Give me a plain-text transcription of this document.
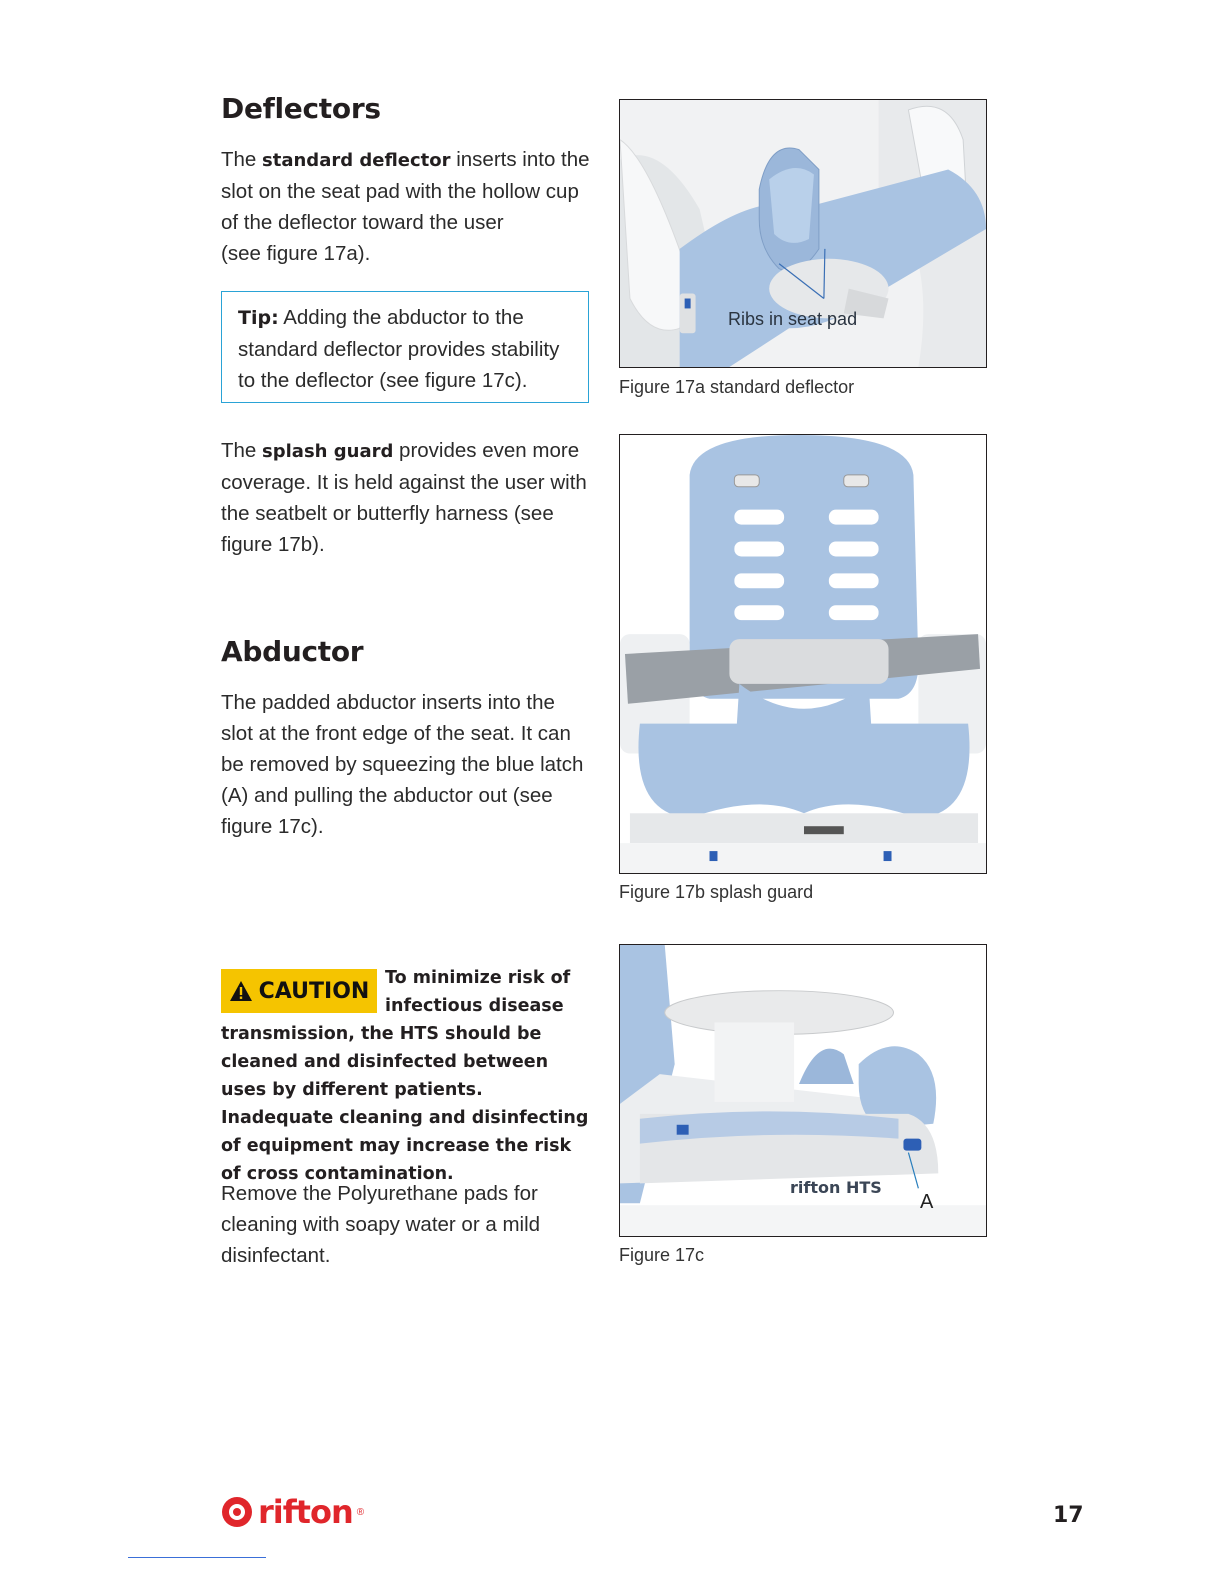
Deflectors
The standard deflector inserts into the slot on the seat pad with the hollow cup of the deflector toward the user
(see figure 17a).
Tip: Adding the abductor to the standard deflector provides stability to the deflector (see figure 17c).
The splash guard provides even more coverage. It is held against the user with the seatbelt or butterfly harness (see figure 17b).
Abductor
The padded abductor inserts into the slot at the front edge of the seat. It can be removed by squeezing the blue latch (A) and pulling the abductor out (see figure 17c).
CAUTION
To minimize risk of infectious disease transmission, the HTS should be cleaned and disinfected between uses by different patients. Inadequate cleaning and disinfecting of equipment may increase the risk of cross contamination.
Remove the Polyurethane pads for cleaning with soapy water or a mild disinfectant.
Ribs in seat pad
Figure 17a standard deflector
Figure 17b splash guard
rifton HTS
A
Figure 17c
rifton ®	17
